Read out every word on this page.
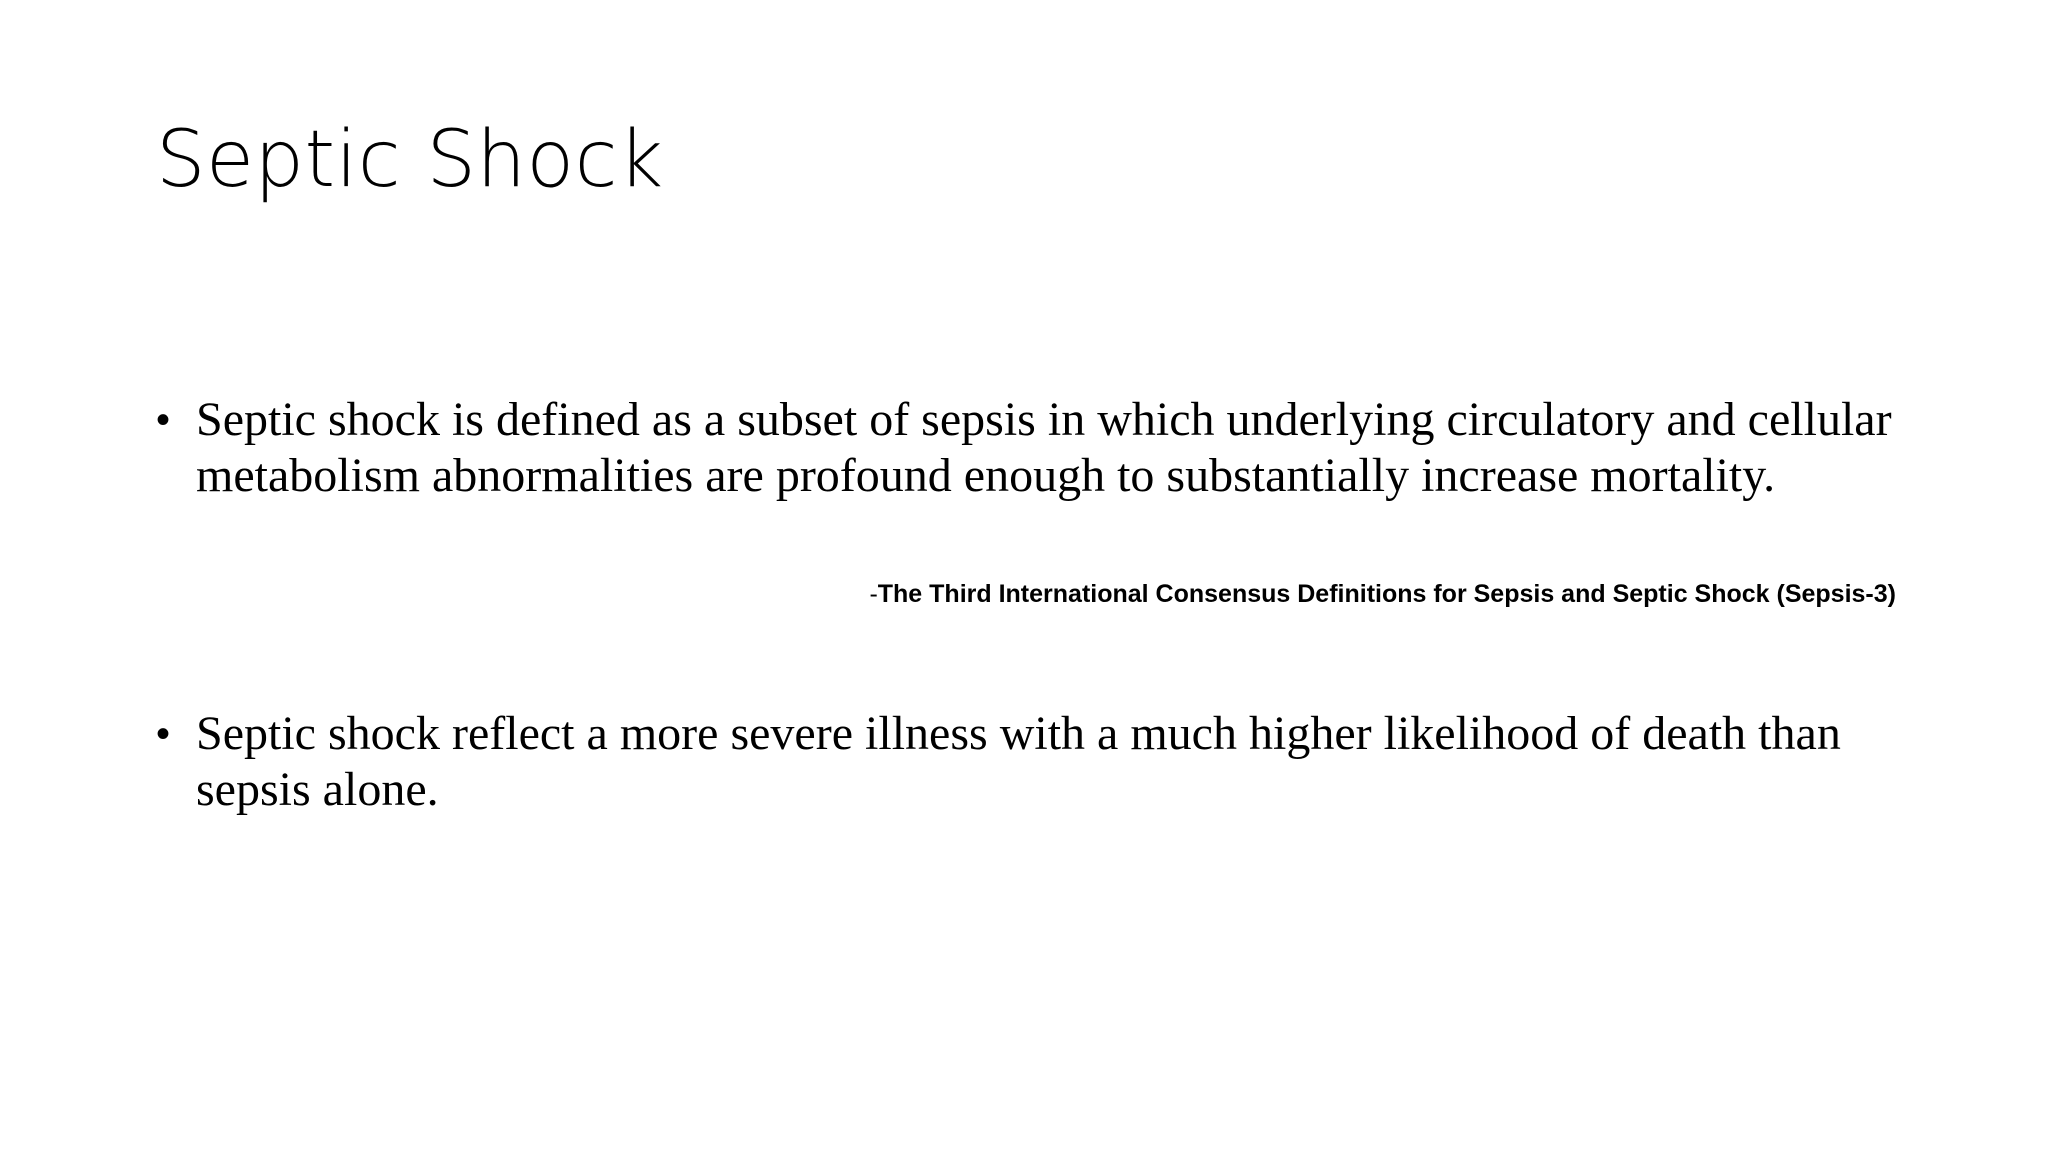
Septic Shock
• Septic shock is defined as a subset of sepsis in which underlying circulatory and cellular metabolism abnormalities are profound enough to substantially increase mortality.

-The Third International Consensus Definitions for Sepsis and Septic Shock (Sepsis-3)
• Septic shock reflect a more severe illness with a much higher likelihood of death than sepsis alone.
